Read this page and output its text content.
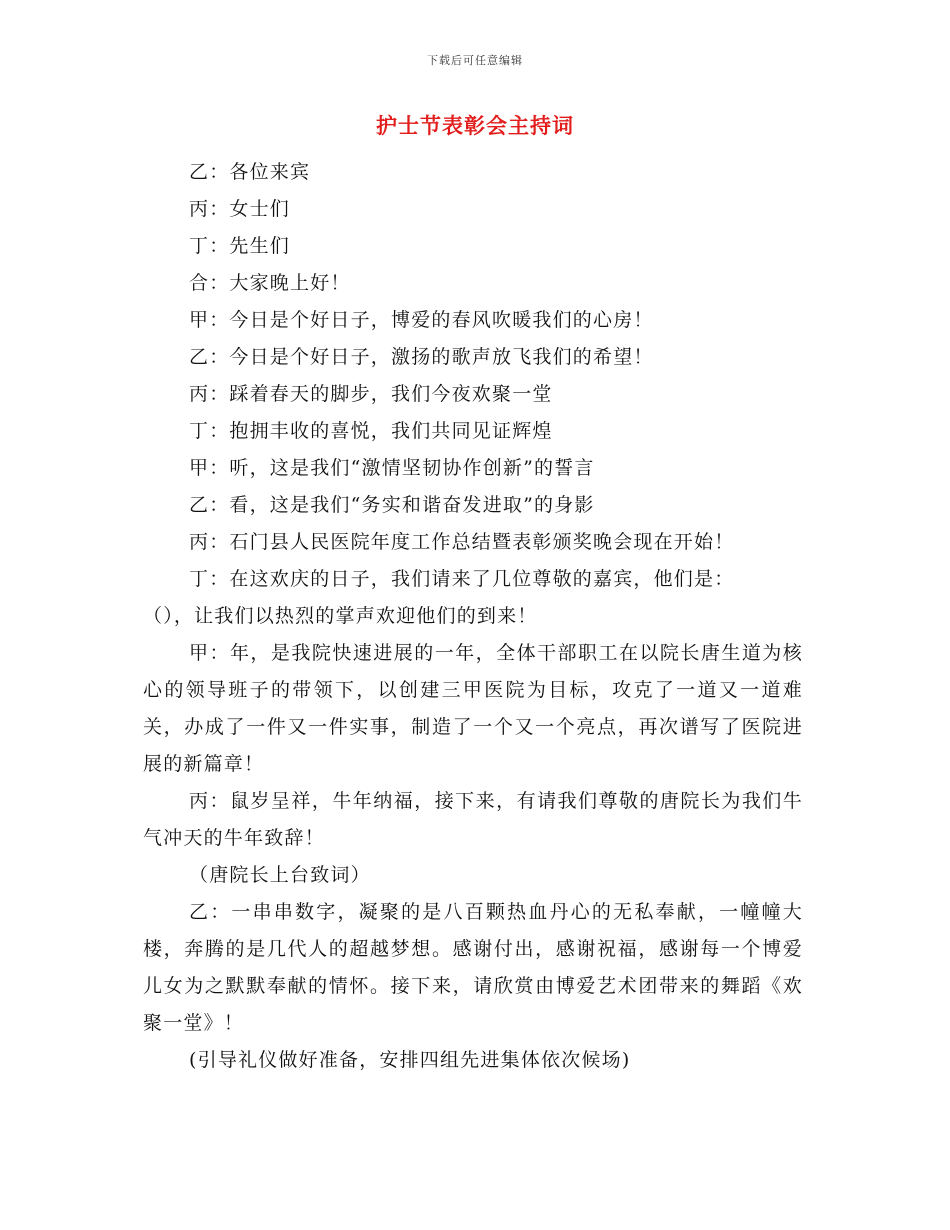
下载后可任意编辑
护士节表彰会主持词

乙：各位来宾

丙：女士们

丁：先生们

合：大家晚上好！

甲：今日是个好日子，博爱的春风吹暖我们的心房！

乙：今日是个好日子，激扬的歌声放飞我们的希望！

丙：踩着春天的脚步，我们今夜欢聚一堂

丁：抱拥丰收的喜悦，我们共同见证辉煌

甲：听，这是我们“激情坚韧协作创新”的誓言

乙：看，这是我们“务实和谐奋发进取”的身影

丙：石门县人民医院年度工作总结暨表彰颁奖晚会现在开始！

丁：在这欢庆的日子，我们请来了几位尊敬的嘉宾，他们是：

（），让我们以热烈的掌声欢迎他们的到来！

甲：年，是我院快速进展的一年，全体干部职工在以院长唐生道为核心的领导班子的带领下，以创建三甲医院为目标，攻克了一道又一道难关，办成了一件又一件实事，制造了一个又一个亮点，再次谱写了医院进展的新篇章！

丙：鼠岁呈祥，牛年纳福，接下来，有请我们尊敬的唐院长为我们牛气冲天的牛年致辞！

（唐院长上台致词）

乙：一串串数字，凝聚的是八百颗热血丹心的无私奉献，一幢幢大楼，奔腾的是几代人的超越梦想。感谢付出，感谢祝福，感谢每一个博爱儿女为之默默奉献的情怀。接下来，请欣赏由博爱艺术团带来的舞蹈《欢聚一堂》！

(引导礼仪做好准备，安排四组先进集体依次候场)
